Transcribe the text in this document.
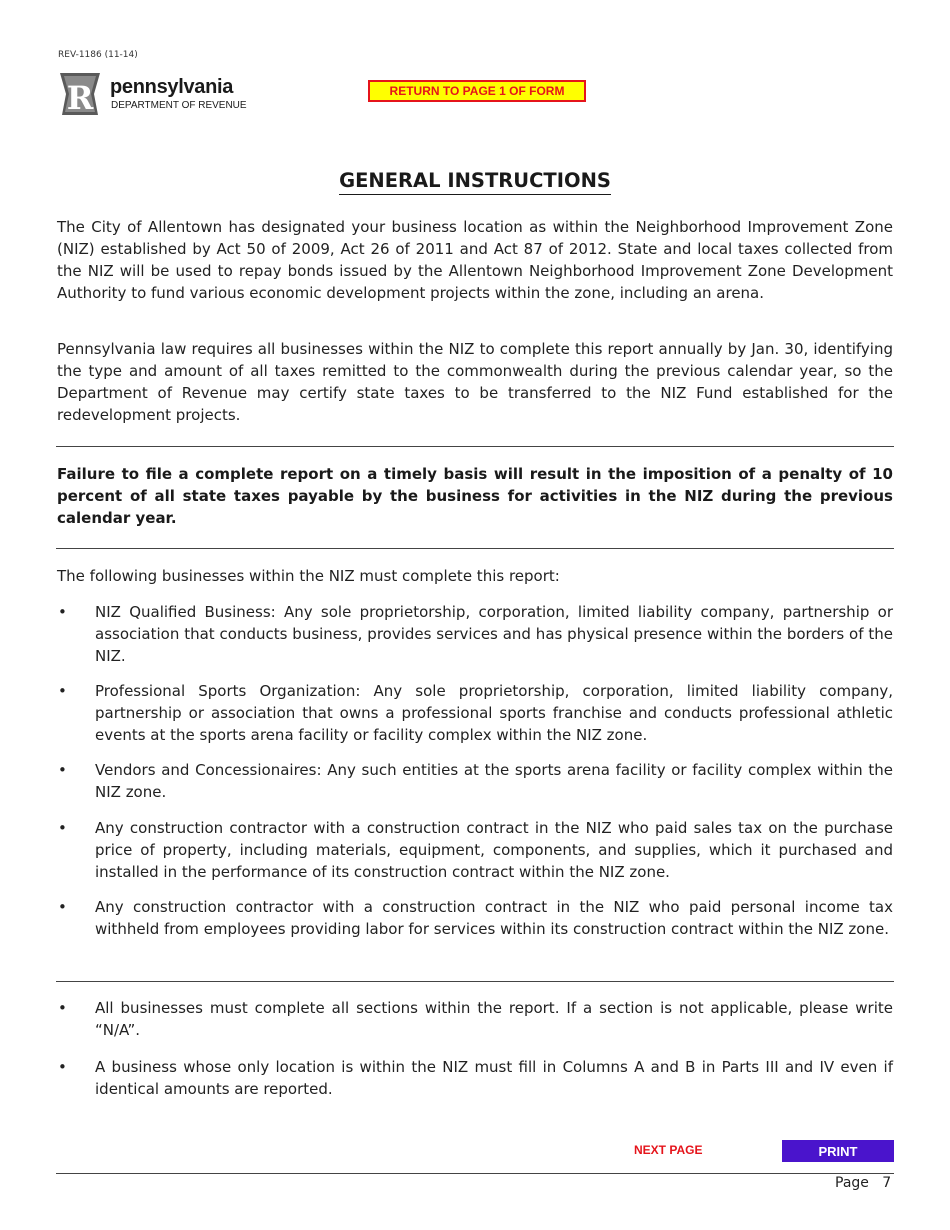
REV-1186 (11-14)
R pennsylvania
DEPARTMENT OF REVENUE
RETURN TO PAGE 1 OF FORM
GENERAL INSTRUCTIONS
The City of Allentown has designated your business location as within the Neighborhood Improvement Zone (NIZ) established by Act 50 of 2009, Act 26 of 2011 and Act 87 of 2012. State and local taxes collected from the NIZ will be used to repay bonds issued by the Allentown Neighborhood Improvement Zone Development Authority to fund various economic development projects within the zone, including an arena.
Pennsylvania law requires all businesses within the NIZ to complete this report annually by Jan. 30, identifying the type and amount of all taxes remitted to the commonwealth during the previous calendar year, so the Department of Revenue may certify state taxes to be transferred to the NIZ Fund established for the redevelopment projects.
Failure to file a complete report on a timely basis will result in the imposition of a penalty of 10 percent of all state taxes payable by the business for activities in the NIZ during the previous calendar year.
The following businesses within the NIZ must complete this report:
• NIZ Qualified Business: Any sole proprietorship, corporation, limited liability company, partnership or association that conducts business, provides services and has physical presence within the borders of the NIZ.
• Professional Sports Organization: Any sole proprietorship, corporation, limited liability company, partnership or association that owns a professional sports franchise and conducts professional athletic events at the sports arena facility or facility complex within the NIZ zone.
• Vendors and Concessionaires: Any such entities at the sports arena facility or facility complex within the NIZ zone.
• Any construction contractor with a construction contract in the NIZ who paid sales tax on the purchase price of property, including materials, equipment, components, and supplies, which it purchased and installed in the performance of its construction contract within the NIZ zone.
• Any construction contractor with a construction contract in the NIZ who paid personal income tax withheld from employees providing labor for services within its construction contract within the NIZ zone.
• All businesses must complete all sections within the report. If a section is not applicable, please write “N/A”.
• A business whose only location is within the NIZ must fill in Columns A and B in Parts III and IV even if identical amounts are reported.
NEXT PAGE	PRINT
Page 7
